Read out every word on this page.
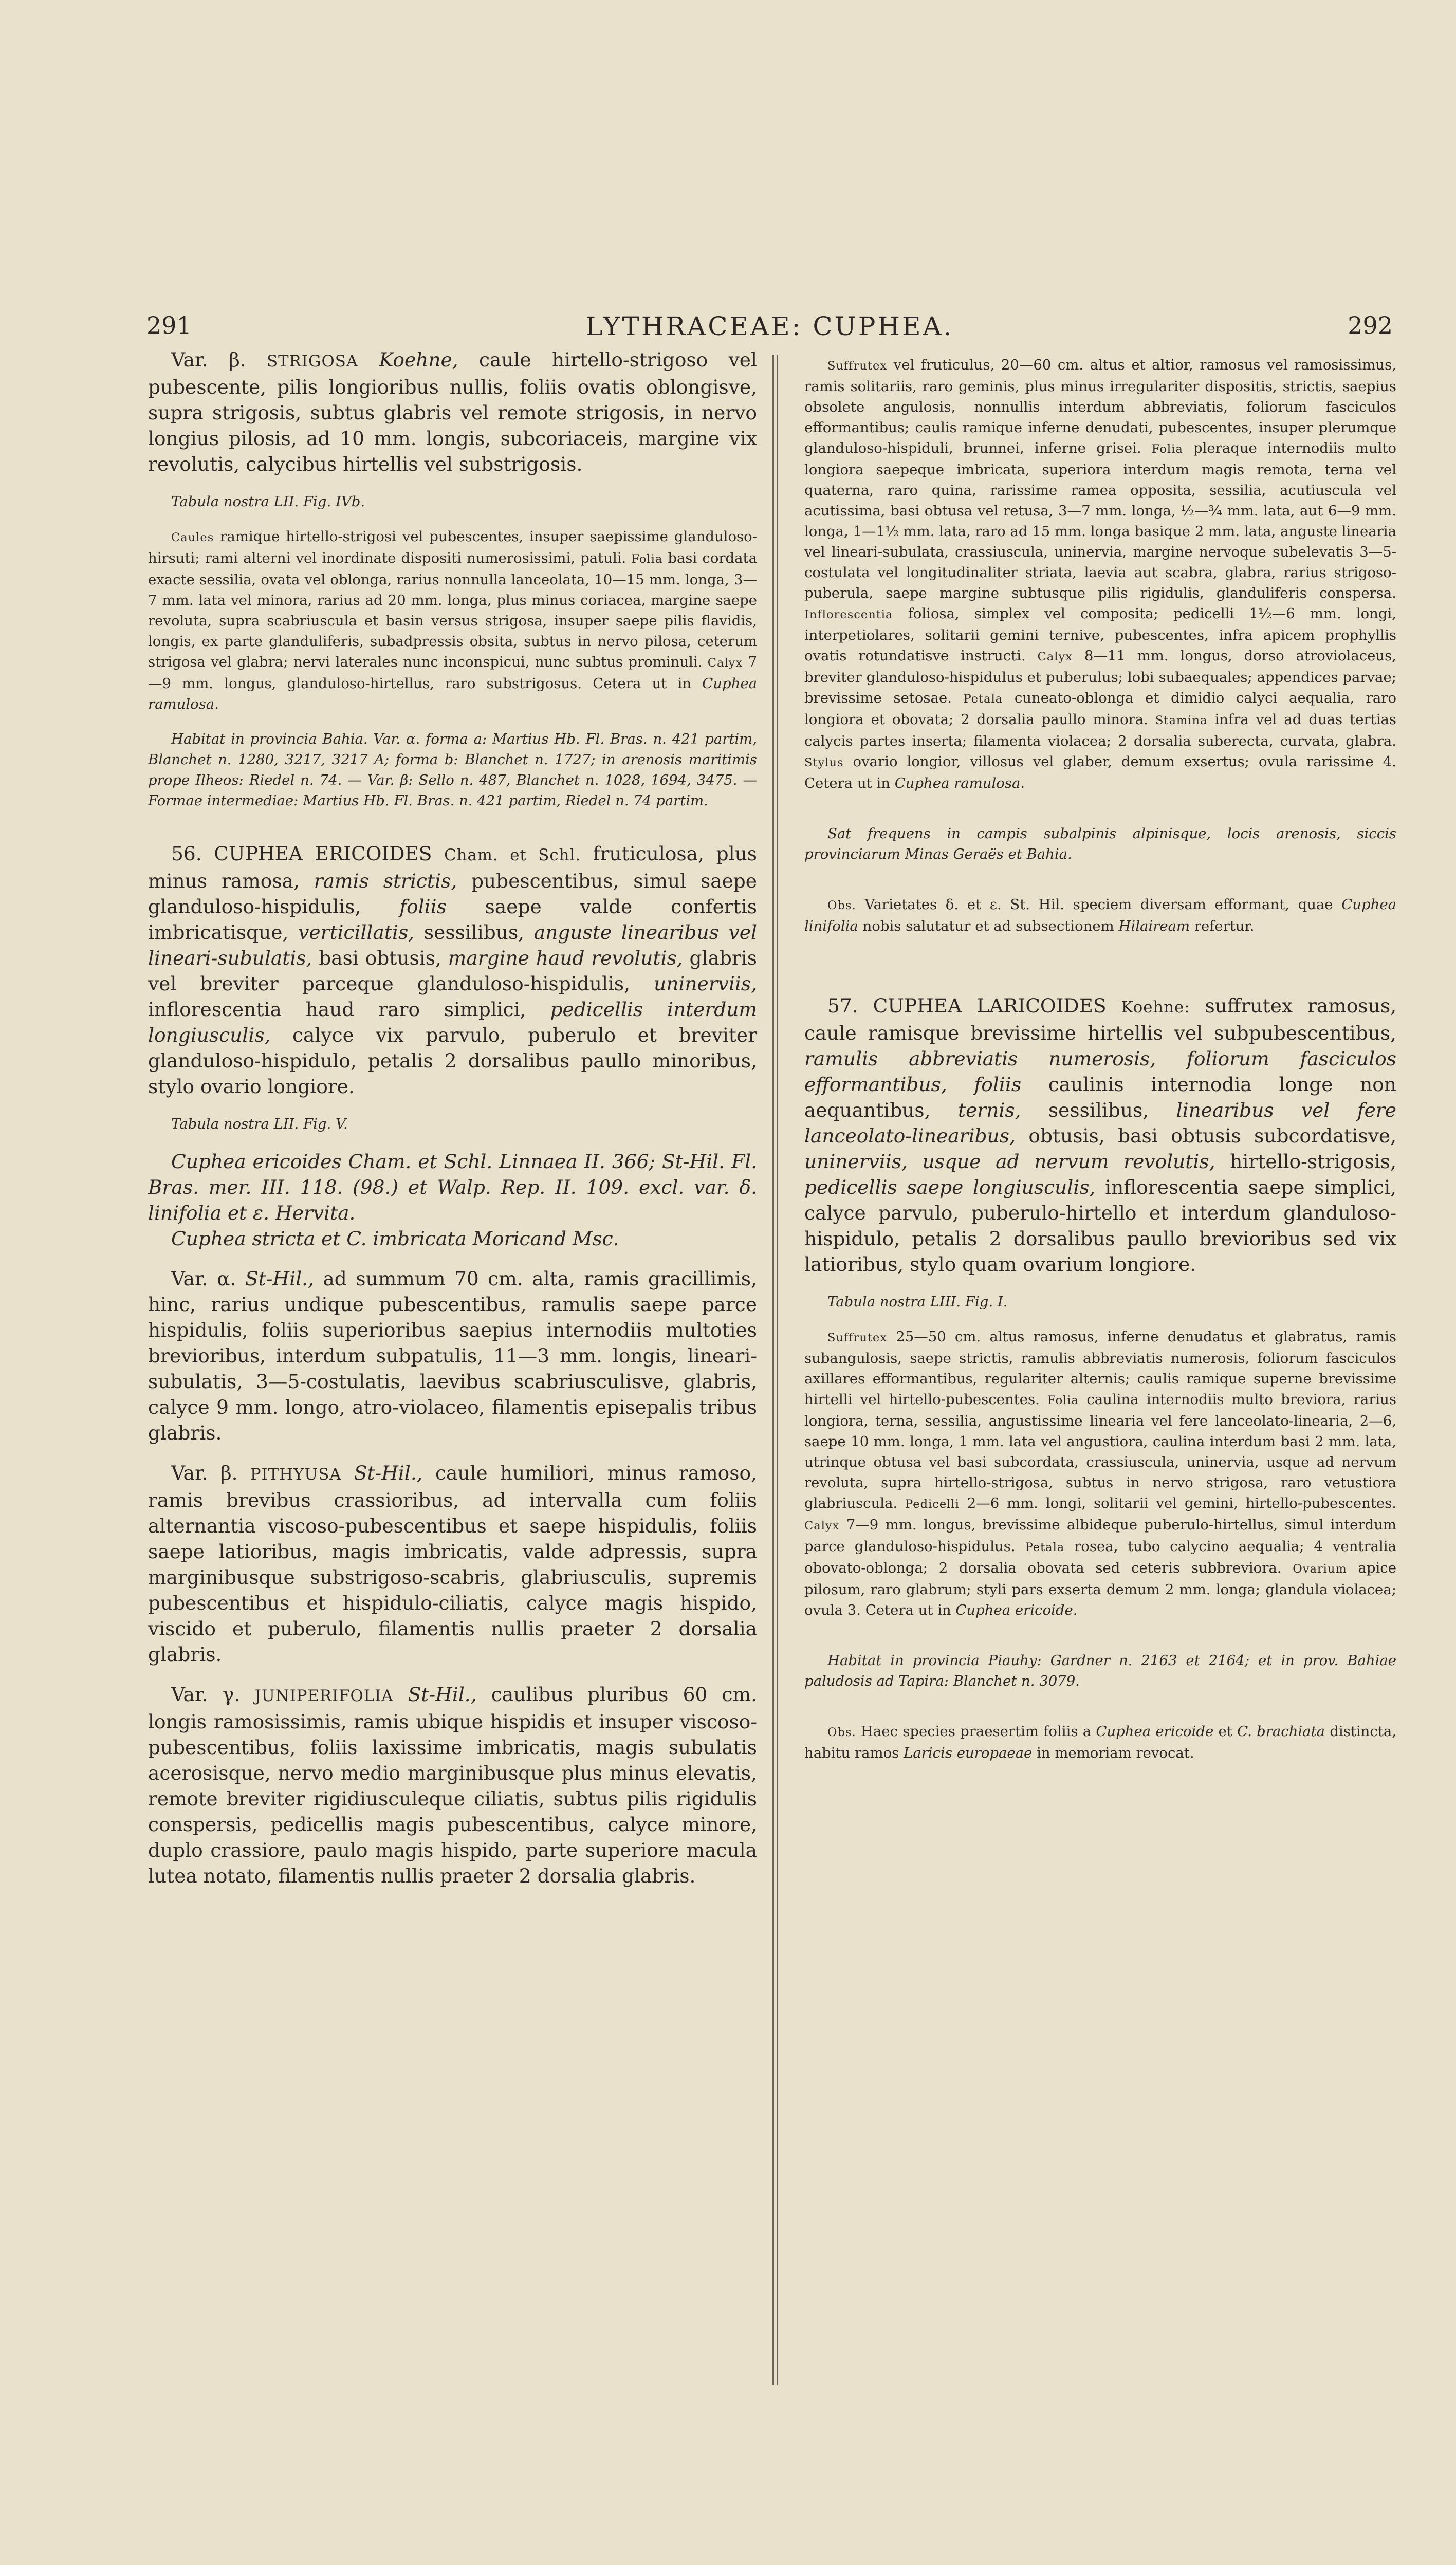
291	LYTHRACEAE: CUPHEA.	292

Var. β. STRIGOSA Koehne, caule hirtello-strigoso vel pubescente, pilis longioribus nullis, foliis ovatis oblongisve, supra strigosis, subtus glabris vel remote strigosis, in nervo longius pilosis, ad 10 mm. longis, subcoriaceis, margine vix revolutis, calycibus hirtellis vel substrigosis.

Tabula nostra LII. Fig. IVb.

Caules ramique hirtello-strigosi vel pubescentes, insuper saepissime glanduloso-hirsuti; rami alterni vel inordinate dispositi numerosissimi, patuli. Folia basi cordata exacte sessilia, ovata vel oblonga, rarius nonnulla lanceolata, 10—15 mm. longa, 3—7 mm. lata vel minora, rarius ad 20 mm. longa, plus minus coriacea, margine saepe revoluta, supra scabriuscula et basin versus strigosa, insuper saepe pilis flavidis, longis, ex parte glanduliferis, subadpressis obsita, subtus in nervo pilosa, ceterum strigosa vel glabra; nervi laterales nunc inconspicui, nunc subtus prominuli. Calyx 7—9 mm. longus, glanduloso-hirtellus, raro substrigosus. Cetera ut in Cuphea ramulosa.

Habitat in provincia Bahia. Var. α. forma a: Martius Hb. Fl. Bras. n. 421 partim, Blanchet n. 1280, 3217, 3217 A; forma b: Blanchet n. 1727; in arenosis maritimis prope Ilheos: Riedel n. 74. — Var. β: Sello n. 487, Blanchet n. 1028, 1694, 3475. — Formae intermediae: Martius Hb. Fl. Bras. n. 421 partim, Riedel n. 74 partim.

56. CUPHEA ERICOIDES Cham. et Schl. fruticulosa, plus minus ramosa, ramis strictis, pubescentibus, simul saepe glanduloso-hispidulis, foliis saepe valde confertis imbricatisque, verticillatis, sessilibus, anguste linearibus vel lineari-subulatis, basi obtusis, margine haud revolutis, glabris vel breviter parceque glanduloso-hispidulis, uninerviis, inflorescentia haud raro simplici, pedicellis interdum longiusculis, calyce vix parvulo, puberulo et breviter glanduloso-hispidulo, petalis 2 dorsalibus paullo minoribus, stylo ovario longiore.

Tabula nostra LII. Fig. V.

Cuphea ericoides Cham. et Schl. Linnaea II. 366; St-Hil. Fl. Bras. mer. III. 118. (98.) et Walp. Rep. II. 109. excl. var. δ. linifolia et ε. Hervita.

Cuphea stricta et C. imbricata Moricand Msc.

Var. α. St-Hil., ad summum 70 cm. alta, ramis gracillimis, hinc, rarius undique pubescentibus, ramulis saepe parce hispidulis, foliis superioribus saepius internodiis multoties brevioribus, interdum subpatulis, 11—3 mm. longis, lineari-subulatis, 3—5-costulatis, laevibus scabriusculisve, glabris, calyce 9 mm. longo, atro-violaceo, filamentis episepalis tribus glabris.

Var. β. PITHYUSA St-Hil., caule humiliori, minus ramoso, ramis brevibus crassioribus, ad intervalla cum foliis alternantia viscoso-pubescentibus et saepe hispidulis, foliis saepe latioribus, magis imbricatis, valde adpressis, supra marginibusque substrigoso-scabris, glabriusculis, supremis pubescentibus et hispidulo-ciliatis, calyce magis hispido, viscido et puberulo, filamentis nullis praeter 2 dorsalia glabris.

Var. γ. JUNIPERIFOLIA St-Hil., caulibus pluribus 60 cm. longis ramosissimis, ramis ubique hispidis et insuper viscoso-pubescentibus, foliis laxissime imbricatis, magis subulatis acerosisque, nervo medio marginibusque plus minus elevatis, remote breviter rigidiusculeque ciliatis, subtus pilis rigidulis conspersis, pedicellis magis pubescentibus, calyce minore, duplo crassiore, paulo magis hispido, parte superiore macula lutea notato, filamentis nullis praeter 2 dorsalia glabris.

Suffrutex vel fruticulus, 20—60 cm. altus et altior, ramosus vel ramosissimus, ramis solitariis, raro geminis, plus minus irregulariter dispositis, strictis, saepius obsolete angulosis, nonnullis interdum abbreviatis, foliorum fasciculos efformantibus; caulis ramique inferne denudati, pubescentes, insuper plerumque glanduloso-hispiduli, brunnei, inferne grisei. Folia pleraque internodiis multo longiora saepeque imbricata, superiora interdum magis remota, terna vel quaterna, raro quina, rarissime ramea opposita, sessilia, acutiuscula vel acutissima, basi obtusa vel retusa, 3—7 mm. longa, ½—¾ mm. lata, aut 6—9 mm. longa, 1—1½ mm. lata, raro ad 15 mm. longa basique 2 mm. lata, anguste linearia vel lineari-subulata, crassiuscula, uninervia, margine nervoque subelevatis 3—5-costulata vel longitudinaliter striata, laevia aut scabra, glabra, rarius strigoso-puberula, saepe margine subtusque pilis rigidulis, glanduliferis conspersa. Inflorescentia foliosa, simplex vel composita; pedicelli 1½—6 mm. longi, interpetiolares, solitarii gemini ternive, pubescentes, infra apicem prophyllis ovatis rotundatisve instructi. Calyx 8—11 mm. longus, dorso atroviolaceus, breviter glanduloso-hispidulus et puberulus; lobi subaequales; appendices parvae; brevissime setosae. Petala cuneato-oblonga et dimidio calyci aequalia, raro longiora et obovata; 2 dorsalia paullo minora. Stamina infra vel ad duas tertias calycis partes inserta; filamenta violacea; 2 dorsalia suberecta, curvata, glabra. Stylus ovario longior, villosus vel glaber, demum exsertus; ovula rarissime 4. Cetera ut in Cuphea ramulosa.

Sat frequens in campis subalpinis alpinisque, locis arenosis, siccis provinciarum Minas Geraës et Bahia.

Obs. Varietates δ. et ε. St. Hil. speciem diversam efformant, quae Cuphea linifolia nobis salutatur et ad subsectionem Hilaiream refertur.

57. CUPHEA LARICOIDES Koehne: suffrutex ramosus, caule ramisque brevissime hirtellis vel subpubescentibus, ramulis abbreviatis numerosis, foliorum fasciculos efformantibus, foliis caulinis internodia longe non aequantibus, ternis, sessilibus, linearibus vel fere lanceolato-linearibus, obtusis, basi obtusis subcordatisve, uninerviis, usque ad nervum revolutis, hirtello-strigosis, pedicellis saepe longiusculis, inflorescentia saepe simplici, calyce parvulo, puberulo-hirtello et interdum glanduloso-hispidulo, petalis 2 dorsalibus paullo brevioribus sed vix latioribus, stylo quam ovarium longiore.

Tabula nostra LIII. Fig. I.

Suffrutex 25—50 cm. altus ramosus, inferne denudatus et glabratus, ramis subangulosis, saepe strictis, ramulis abbreviatis numerosis, foliorum fasciculos axillares efformantibus, regulariter alternis; caulis ramique superne brevissime hirtelli vel hirtello-pubescentes. Folia caulina internodiis multo breviora, rarius longiora, terna, sessilia, angustissime linearia vel fere lanceolato-linearia, 2—6, saepe 10 mm. longa, 1 mm. lata vel angustiora, caulina interdum basi 2 mm. lata, utrinque obtusa vel basi subcordata, crassiuscula, uninervia, usque ad nervum revoluta, supra hirtello-strigosa, subtus in nervo strigosa, raro vetustiora glabriuscula. Pedicelli 2—6 mm. longi, solitarii vel gemini, hirtello-pubescentes. Calyx 7—9 mm. longus, brevissime albideque puberulo-hirtellus, simul interdum parce glanduloso-hispidulus. Petala rosea, tubo calycino aequalia; 4 ventralia obovato-oblonga; 2 dorsalia obovata sed ceteris subbreviora. Ovarium apice pilosum, raro glabrum; styli pars exserta demum 2 mm. longa; glandula violacea; ovula 3. Cetera ut in Cuphea ericoide.

Habitat in provincia Piauhy: Gardner n. 2163 et 2164; et in prov. Bahiae paludosis ad Tapira: Blanchet n. 3079.

Obs. Haec species praesertim foliis a Cuphea ericoide et C. brachiata distincta, habitu ramos Laricis europaeae in memoriam revocat.
